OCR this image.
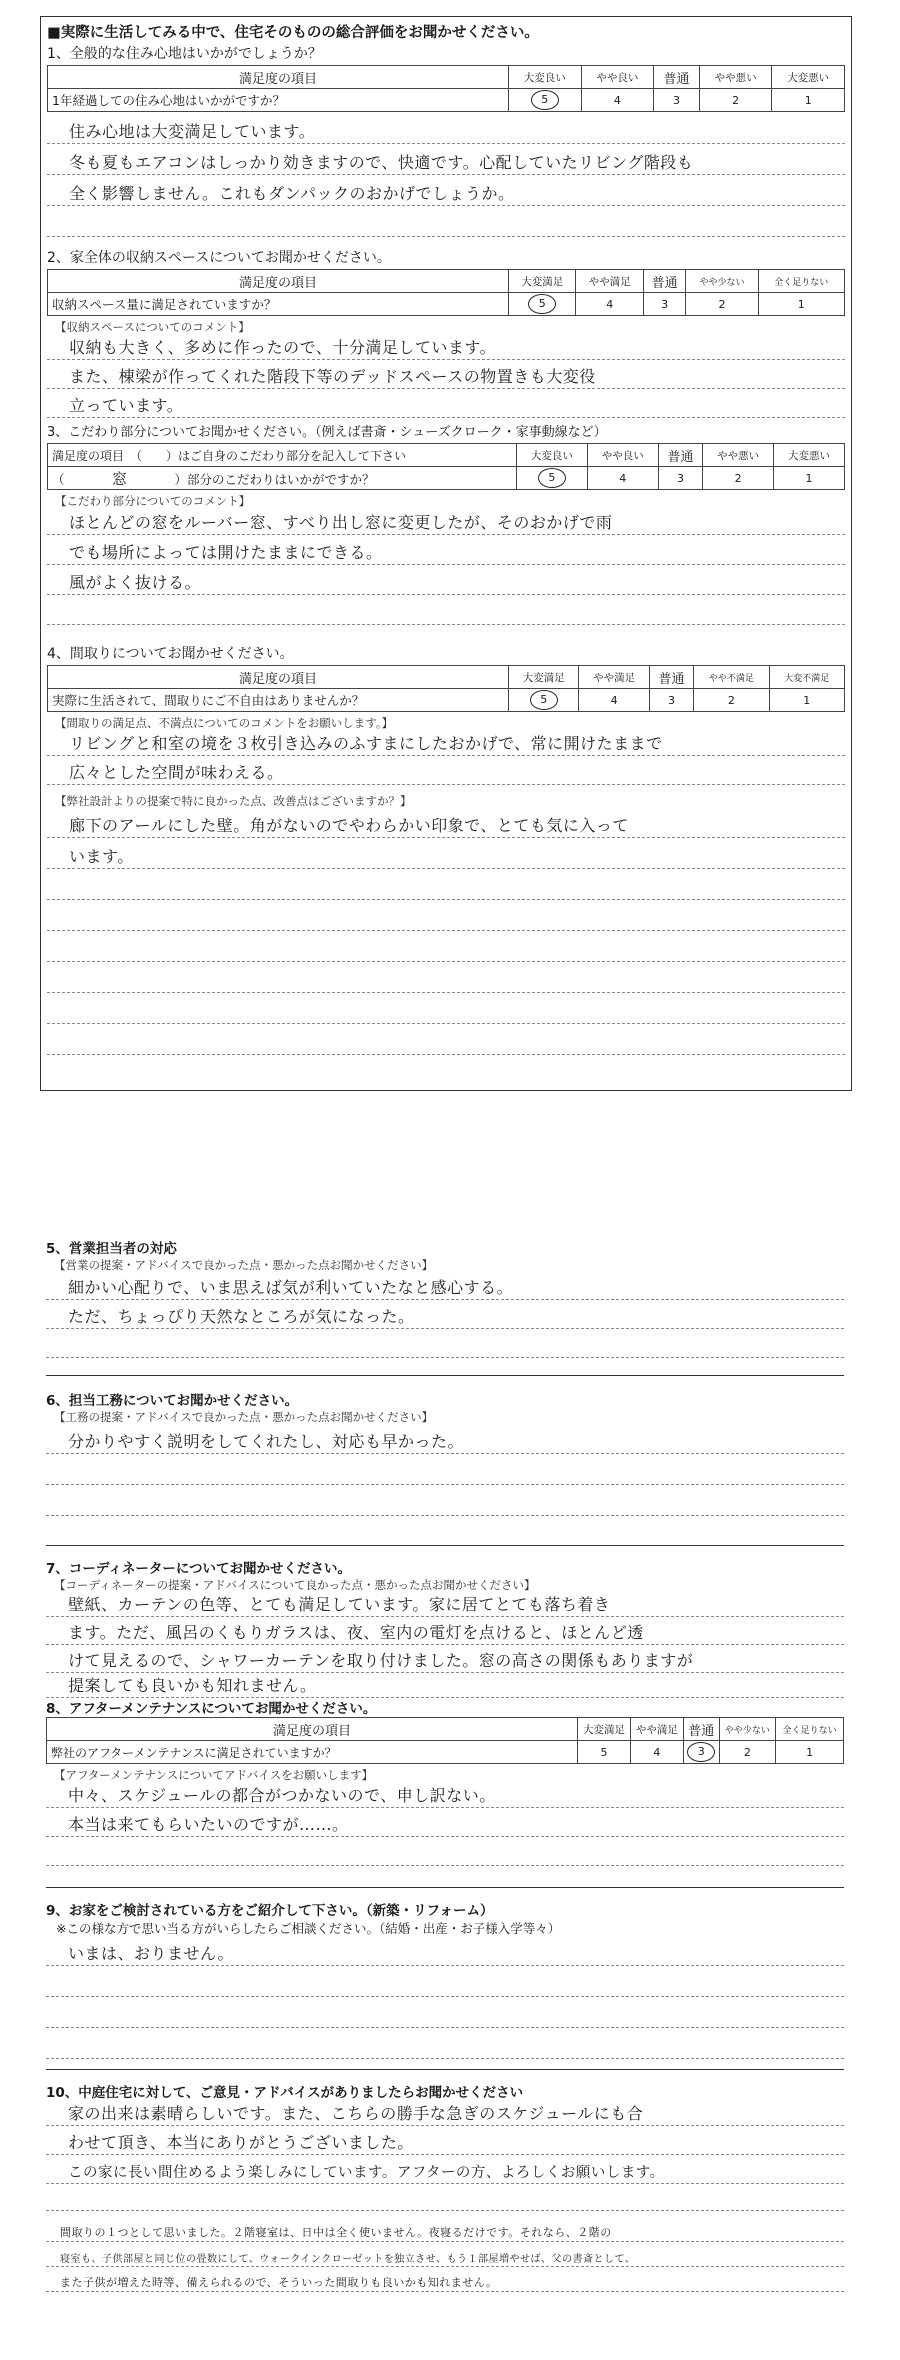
■実際に生活してみる中で、住宅そのものの総合評価をお聞かせください。
1、全般的な住み心地はいかがでしょうか？
満足度の項目	大変良い	やや良い	普通	やや悪い	大変悪い
1年経過しての住み心地はいかがですか？	5	4	3	2	1
住み心地は大変満足しています。
冬も夏もエアコンはしっかり効きますので、快適です。心配していたリビング階段も
全く影響しません。これもダンパックのおかげでしょうか。
2、家全体の収納スペースについてお聞かせください。
満足度の項目	大変満足	やや満足	普通	やや少ない	全く足りない
収納スペース量に満足されていますか？	5	4	3	2	1
【収納スペースについてのコメント】
収納も大きく、多めに作ったので、十分満足しています。
また、棟梁が作ってくれた階段下等のデッドスペースの物置きも大変役
立っています。
3、こだわり部分についてお聞かせください。（例えば書斎・シューズクローク・家事動線など）
満足度の項目　（　　）はご自身のこだわり部分を記入して下さい	大変良い	やや良い	普通	やや悪い	大変悪い
（ 窓 ）部分のこだわりはいかがですか？	5	4	3	2	1
【こだわり部分についてのコメント】
ほとんどの窓をルーバー窓、すべり出し窓に変更したが、そのおかげで雨
でも場所によっては開けたままにできる。
風がよく抜ける。
4、間取りについてお聞かせください。
満足度の項目	大変満足	やや満足	普通	やや不満足	大変不満足
実際に生活されて、間取りにご不自由はありませんか？	5	4	3	2	1
【間取りの満足点、不満点についてのコメントをお願いします。】
リビングと和室の境を３枚引き込みのふすまにしたおかげで、常に開けたままで
広々とした空間が味わえる。
【弊社設計よりの提案で特に良かった点、改善点はございますか？】
廊下のアールにした壁。角がないのでやわらかい印象で、とても気に入って
います。
5、営業担当者の対応
【営業の提案・アドバイスで良かった点・悪かった点お聞かせください】
細かい心配りで、いま思えば気が利いていたなと感心する。
ただ、ちょっぴり天然なところが気になった。
6、担当工務についてお聞かせください。
【工務の提案・アドバイスで良かった点・悪かった点お聞かせください】
分かりやすく説明をしてくれたし、対応も早かった。
7、コーディネーターについてお聞かせください。
【コーディネーターの提案・アドバイスについて良かった点・悪かった点お聞かせください】
壁紙、カーテンの色等、とても満足しています。家に居てとても落ち着き
ます。ただ、風呂のくもりガラスは、夜、室内の電灯を点けると、ほとんど透
けて見えるので、シャワーカーテンを取り付けました。窓の高さの関係もありますが
提案しても良いかも知れません。
8、アフターメンテナンスについてお聞かせください。
満足度の項目	大変満足	やや満足	普通	やや少ない	全く足りない
弊社のアフターメンテナンスに満足されていますか？	5	4	3	2	1
【アフターメンテナンスについてアドバイスをお願いします】
中々、スケジュールの都合がつかないので、申し訳ない。
本当は来てもらいたいのですが……。
9、お家をご検討されている方をご紹介して下さい。（新築・リフォーム）
※この様な方で思い当る方がいらしたらご相談ください。（結婚・出産・お子様入学等々）
いまは、おりません。
10、中庭住宅に対して、ご意見・アドバイスがありましたらお聞かせください
家の出来は素晴らしいです。また、こちらの勝手な急ぎのスケジュールにも合
わせて頂き、本当にありがとうございました。
この家に長い間住めるよう楽しみにしています。アフターの方、よろしくお願いします。
間取りの１つとして思いました。２階寝室は、日中は全く使いません。夜寝るだけです。それなら、２階の
寝室も、子供部屋と同じ位の畳数にして、ウォークインクローゼットを独立させ、もう１部屋増やせば、父の書斎として、
また子供が増えた時等、備えられるので、そういった間取りも良いかも知れません。
